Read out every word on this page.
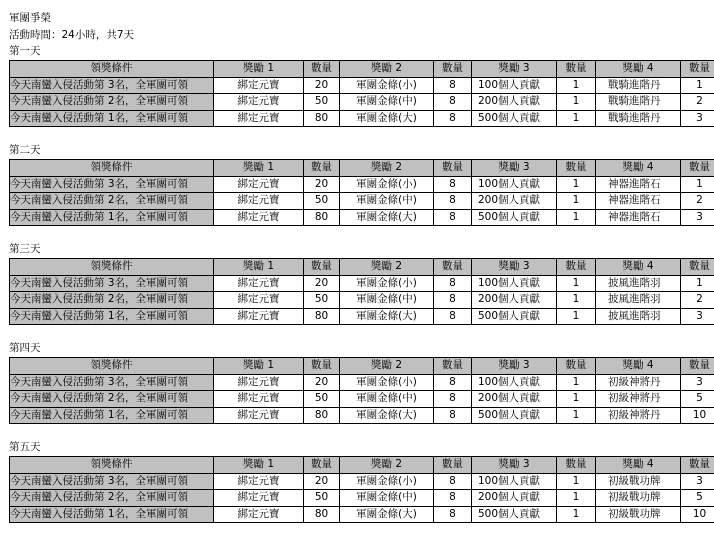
軍團爭榮
活動時間：24小時，共7天
第一天
領獎條件	獎勵 1	數量	獎勵 2	數量	獎勵 3	數量	獎勵 4	數量
今天南蠻入侵活動第 3名，全軍團可領	綁定元寶	20	軍團金條(小)	8	100個人貢獻	1	戰騎進階丹	1
今天南蠻入侵活動第 2名，全軍團可領	綁定元寶	50	軍團金條(中)	8	200個人貢獻	1	戰騎進階丹	2
今天南蠻入侵活動第 1名，全軍團可領	綁定元寶	80	軍團金條(大)	8	500個人貢獻	1	戰騎進階丹	3
第二天
領獎條件	獎勵 1	數量	獎勵 2	數量	獎勵 3	數量	獎勵 4	數量
今天南蠻入侵活動第 3名，全軍團可領	綁定元寶	20	軍團金條(小)	8	100個人貢獻	1	神器進階石	1
今天南蠻入侵活動第 2名，全軍團可領	綁定元寶	50	軍團金條(中)	8	200個人貢獻	1	神器進階石	2
今天南蠻入侵活動第 1名，全軍團可領	綁定元寶	80	軍團金條(大)	8	500個人貢獻	1	神器進階石	3
第三天
領獎條件	獎勵 1	數量	獎勵 2	數量	獎勵 3	數量	獎勵 4	數量
今天南蠻入侵活動第 3名，全軍團可領	綁定元寶	20	軍團金條(小)	8	100個人貢獻	1	披風進階羽	1
今天南蠻入侵活動第 2名，全軍團可領	綁定元寶	50	軍團金條(中)	8	200個人貢獻	1	披風進階羽	2
今天南蠻入侵活動第 1名，全軍團可領	綁定元寶	80	軍團金條(大)	8	500個人貢獻	1	披風進階羽	3
第四天
領獎條件	獎勵 1	數量	獎勵 2	數量	獎勵 3	數量	獎勵 4	數量
今天南蠻入侵活動第 3名，全軍團可領	綁定元寶	20	軍團金條(小)	8	100個人貢獻	1	初級神將丹	3
今天南蠻入侵活動第 2名，全軍團可領	綁定元寶	50	軍團金條(中)	8	200個人貢獻	1	初級神將丹	5
今天南蠻入侵活動第 1名，全軍團可領	綁定元寶	80	軍團金條(大)	8	500個人貢獻	1	初級神將丹	10
第五天
領獎條件	獎勵 1	數量	獎勵 2	數量	獎勵 3	數量	獎勵 4	數量
今天南蠻入侵活動第 3名，全軍團可領	綁定元寶	20	軍團金條(小)	8	100個人貢獻	1	初級戰功牌	3
今天南蠻入侵活動第 2名，全軍團可領	綁定元寶	50	軍團金條(中)	8	200個人貢獻	1	初級戰功牌	5
今天南蠻入侵活動第 1名，全軍團可領	綁定元寶	80	軍團金條(大)	8	500個人貢獻	1	初級戰功牌	10
